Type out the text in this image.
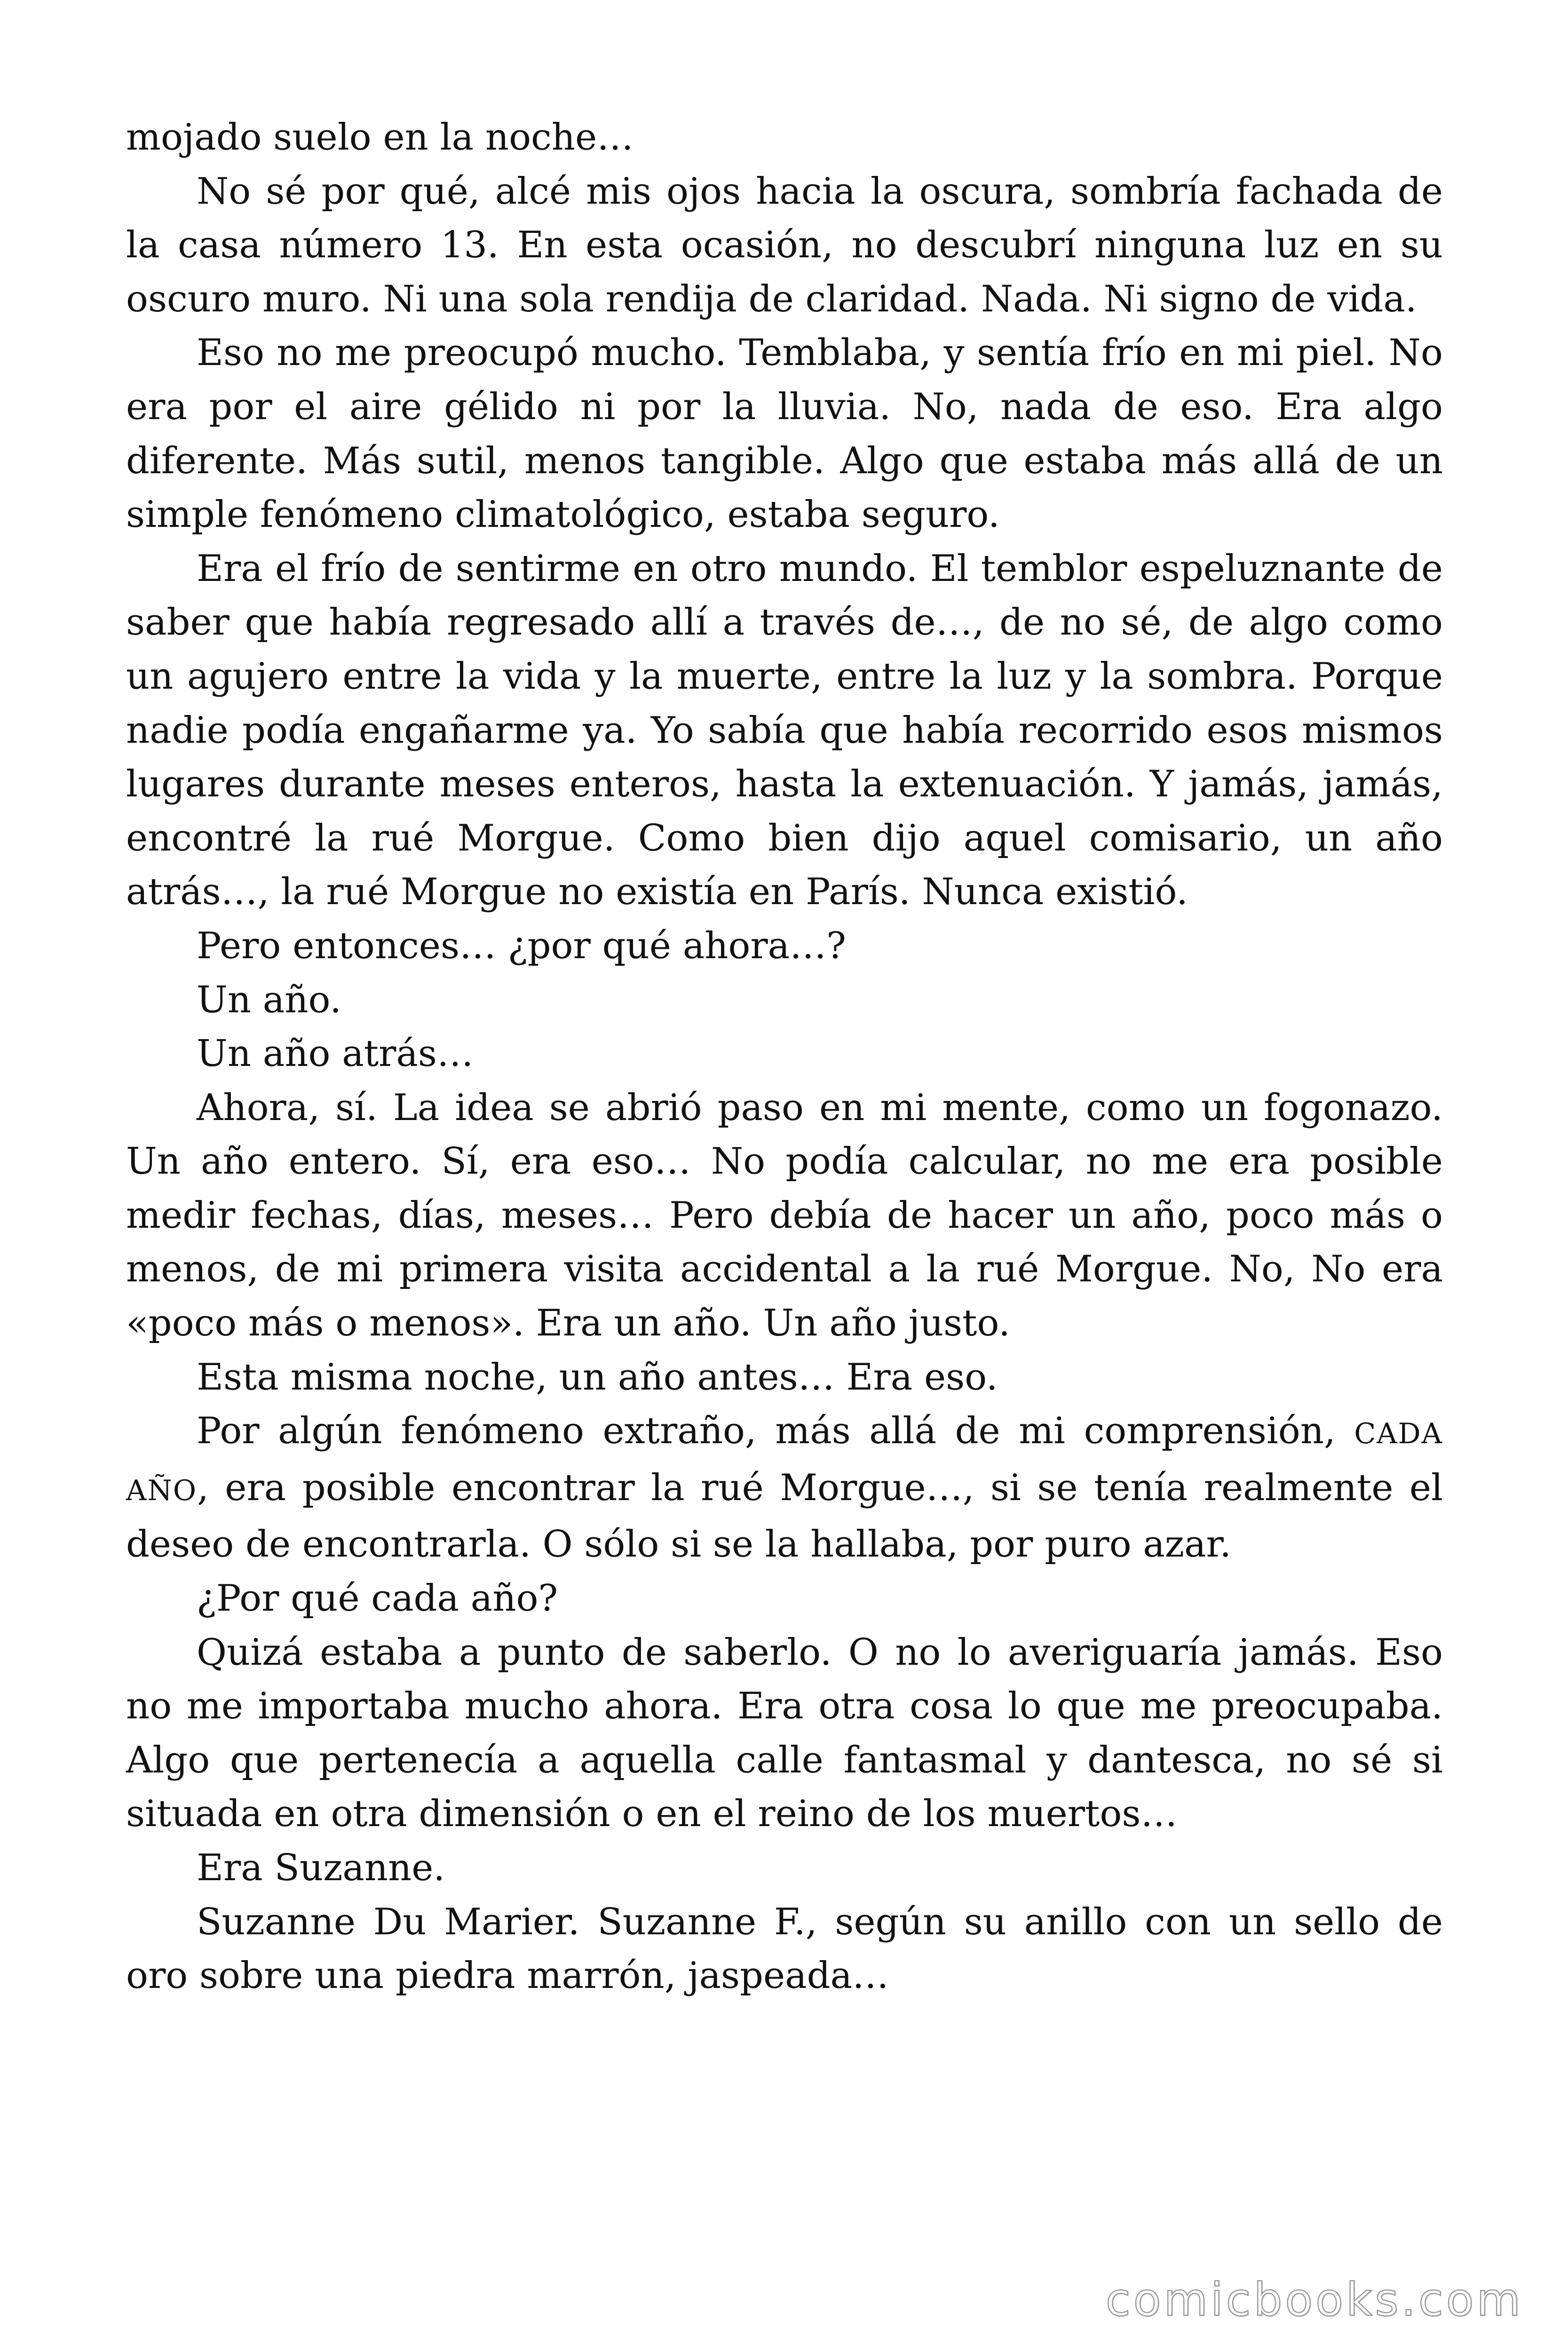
mojado suelo en la noche…

No sé por qué, alcé mis ojos hacia la oscura, sombría fachada de la casa número 13. En esta ocasión, no descubrí ninguna luz en su oscuro muro. Ni una sola rendija de claridad. Nada. Ni signo de vida.

Eso no me preocupó mucho. Temblaba, y sentía frío en mi piel. No era por el aire gélido ni por la lluvia. No, nada de eso. Era algo diferente. Más sutil, menos tangible. Algo que estaba más allá de un simple fenómeno climatológico, estaba seguro.

Era el frío de sentirme en otro mundo. El temblor espeluznante de saber que había regresado allí a través de…, de no sé, de algo como un agujero entre la vida y la muerte, entre la luz y la sombra. Porque nadie podía engañarme ya. Yo sabía que había recorrido esos mismos lugares durante meses enteros, hasta la extenuación. Y jamás, jamás, encontré la rué Morgue. Como bien dijo aquel comisario, un año atrás…, la rué Morgue no existía en París. Nunca existió.

Pero entonces… ¿por qué ahora…?

Un año.

Un año atrás…

Ahora, sí. La idea se abrió paso en mi mente, como un fogonazo. Un año entero. Sí, era eso… No podía calcular, no me era posible medir fechas, días, meses… Pero debía de hacer un año, poco más o menos, de mi primera visita accidental a la rué Morgue. No, No era «poco más o menos». Era un año. Un año justo.

Esta misma noche, un año antes… Era eso.

Por algún fenómeno extraño, más allá de mi comprensión, CADA AÑO, era posible encontrar la rué Morgue…, si se tenía realmente el deseo de encontrarla. O sólo si se la hallaba, por puro azar.

¿Por qué cada año?

Quizá estaba a punto de saberlo. O no lo averiguaría jamás. Eso no me importaba mucho ahora. Era otra cosa lo que me preocupaba. Algo que pertenecía a aquella calle fantasmal y dantesca, no sé si situada en otra dimensión o en el reino de los muertos…

Era Suzanne.

Suzanne Du Marier. Suzanne F., según su anillo con un sello de oro sobre una piedra marrón, jaspeada…

comicbooks.com
